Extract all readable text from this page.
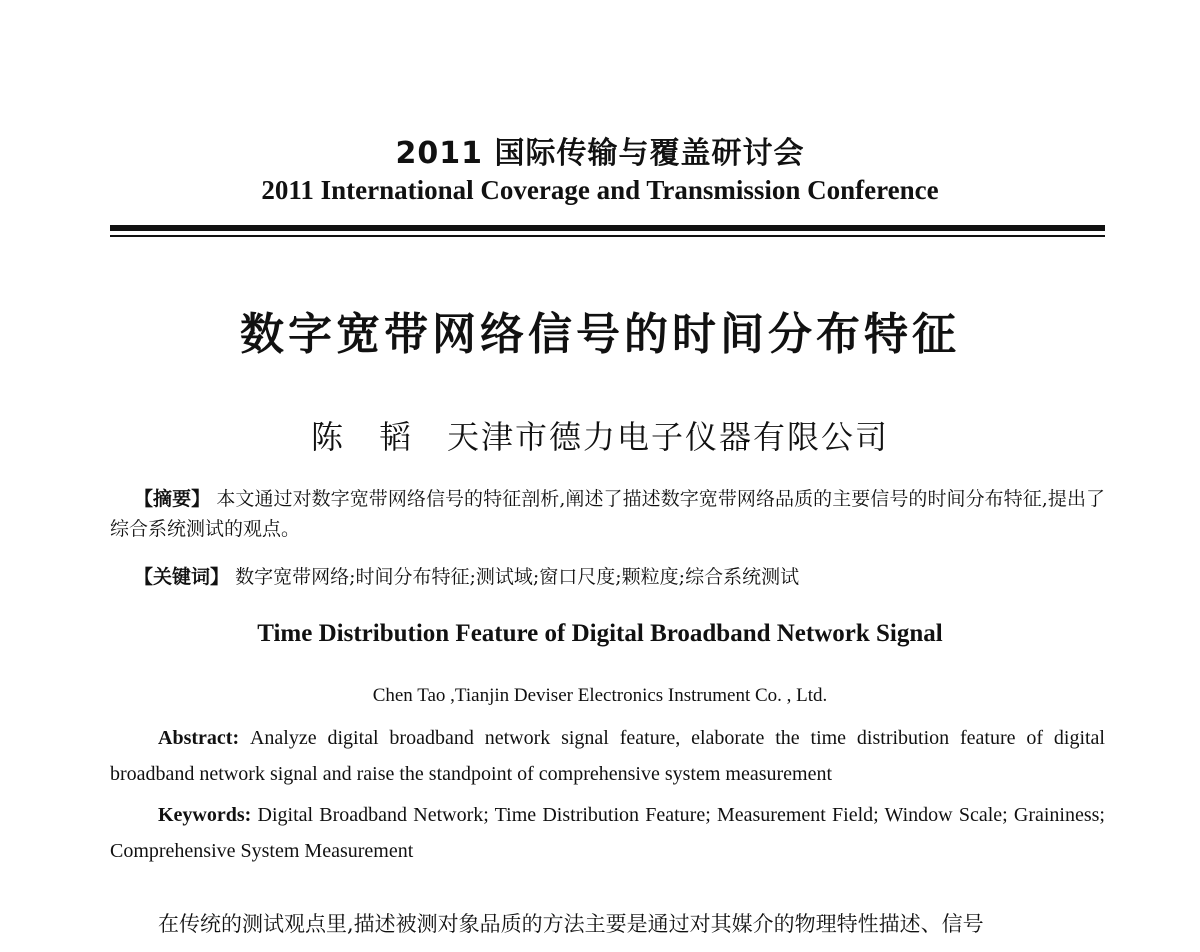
2011 国际传输与覆盖研讨会
2011 International Coverage and Transmission Conference
数字宽带网络信号的时间分布特征
陈　韬　天津市德力电子仪器有限公司
【摘要】 本文通过对数字宽带网络信号的特征剖析,阐述了描述数字宽带网络品质的主要信号的时间分布特征,提出了综合系统测试的观点。
【关键词】 数字宽带网络;时间分布特征;测试域;窗口尺度;颗粒度;综合系统测试
Time Distribution Feature of Digital Broadband Network Signal
Chen Tao ,Tianjin Deviser Electronics Instrument Co. , Ltd.
Abstract: Analyze digital broadband network signal feature, elaborate the time distribution feature of digital broadband network signal and raise the standpoint of comprehensive system measurement
Keywords: Digital Broadband Network; Time Distribution Feature; Measurement Field; Window Scale; Graininess; Comprehensive System Measurement
在传统的测试观点里,描述被测对象品质的方法主要是通过对其媒介的物理特性描述、信号
